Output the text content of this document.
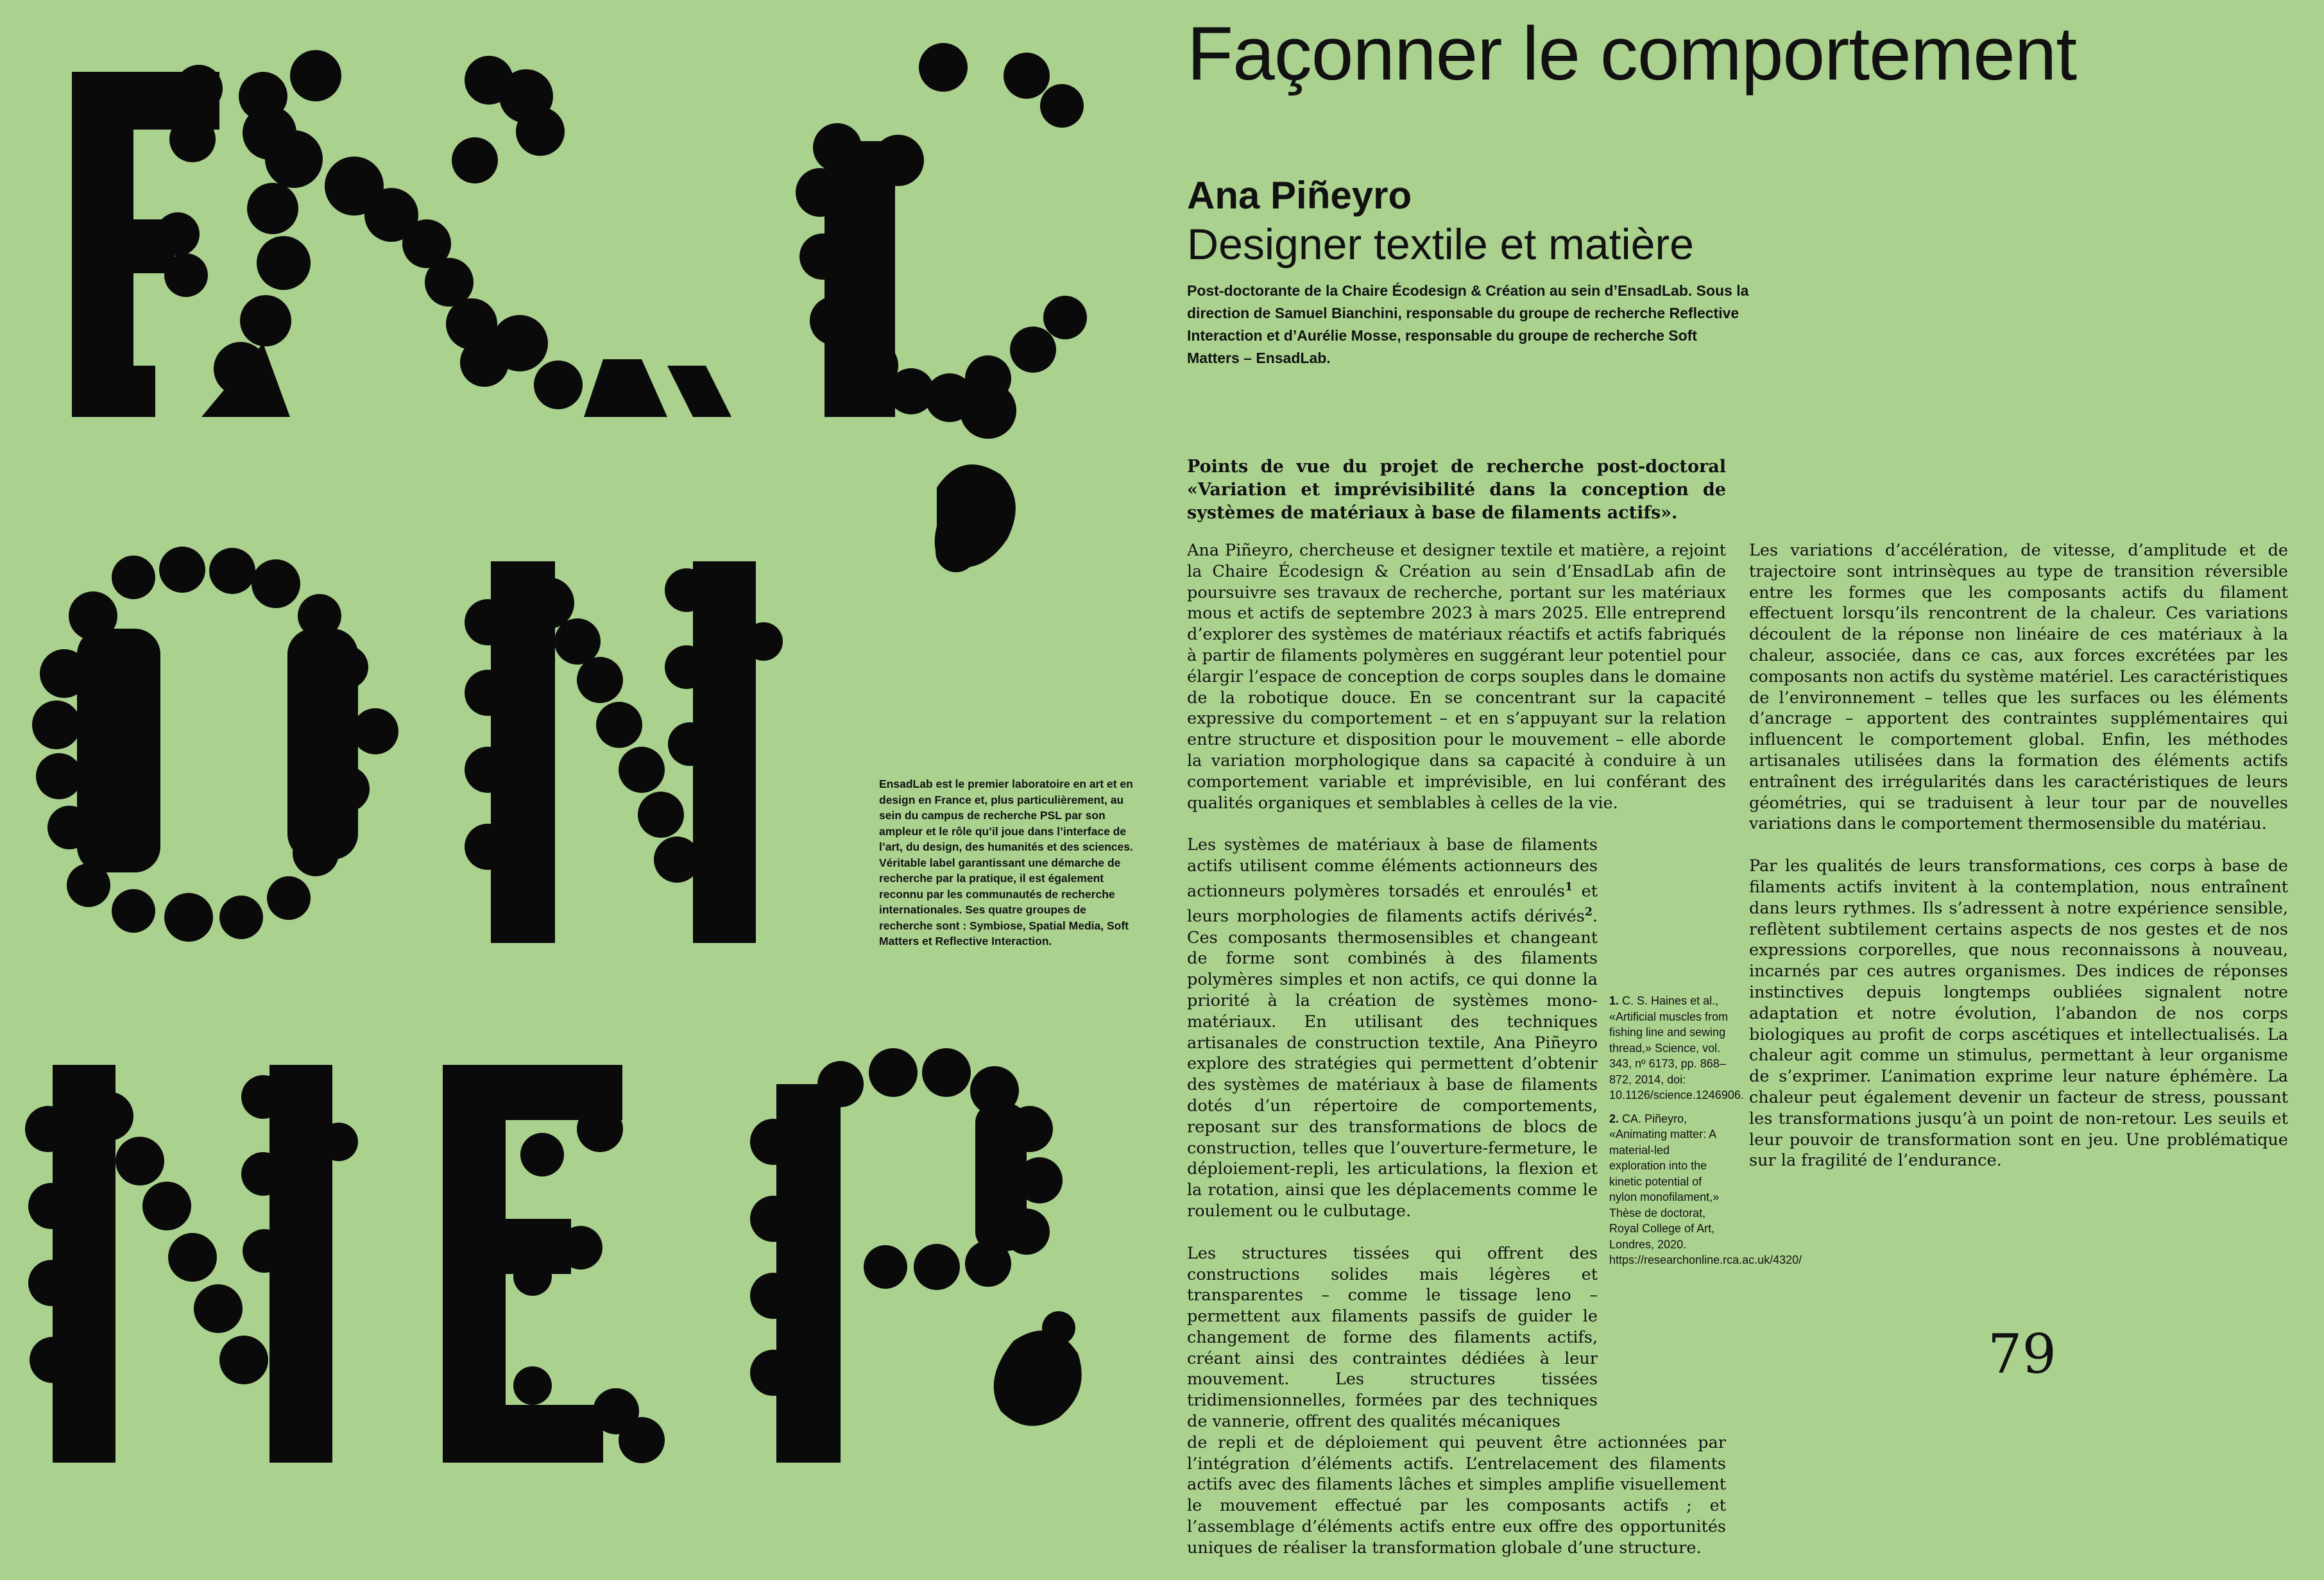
Façonner le comportement
Ana Piñeyro
Designer textile et matière

Post-doctorante de la Chaire Écodesign & Création au sein d’EnsadLab. Sous la direction de Samuel Bianchini, responsable du groupe de recherche Reflective Interaction et d’Aurélie Mosse, responsable du groupe de recherche Soft Matters – EnsadLab.

Points de vue du projet de recherche post-doctoral «Variation et imprévisibilité dans la conception de systèmes de matériaux à base de filaments actifs».

EnsadLab est le premier laboratoire en art et en design en France et, plus particulièrement, au sein du campus de recherche PSL par son ampleur et le rôle qu’il joue dans l’interface de l’art, du design, des humanités et des sciences. Véritable label garantissant une démarche de recherche par la pratique, il est également reconnu par les communautés de recherche internationales. Ses quatre groupes de recherche sont : Symbiose, Spatial Media, Soft Matters et Reflective Interaction.

Ana Piñeyro, chercheuse et designer textile et matière, a rejoint la Chaire Écodesign & Création au sein d’EnsadLab afin de poursuivre ses travaux de recherche, portant sur les matériaux mous et actifs de septembre 2023 à mars 2025. Elle entreprend d’explorer des systèmes de matériaux réactifs et actifs fabriqués à partir de filaments polymères en suggérant leur potentiel pour élargir l’espace de conception de corps souples dans le domaine de la robotique douce. En se concentrant sur la capacité expressive du comportement – et en s’appuyant sur la relation entre structure et disposition pour le mouvement – elle aborde la variation morphologique dans sa capacité à conduire à un comportement variable et imprévisible, en lui conférant des qualités organiques et semblables à celles de la vie.

Les systèmes de matériaux à base de filaments actifs utilisent comme éléments actionneurs des actionneurs polymères torsadés et enroulés$^1$ et leurs morphologies de filaments actifs dérivés$^2$. Ces composants thermosensibles et changeant de forme sont combinés à des filaments polymères simples et non actifs, ce qui donne la priorité à la création de systèmes mono-matériaux. En utilisant des techniques artisanales de construction textile, Ana Piñeyro explore des stratégies qui permettent d’obtenir des systèmes de matériaux à base de filaments dotés d’un répertoire de comportements, reposant sur des transformations de blocs de construction, telles que l’ouverture-fermeture, le déploiement-repli, les articulations, la flexion et la rotation, ainsi que les déplacements comme le roulement ou le culbutage.

Les structures tissées qui offrent des constructions solides mais légères et transparentes – comme le tissage leno – permettent aux filaments passifs de guider le changement de forme des filaments actifs, créant ainsi des contraintes dédiées à leur mouvement. Les structures tissées tridimensionnelles, formées par des techniques de vannerie, offrent des qualités mécaniques

de repli et de déploiement qui peuvent être actionnées par l’intégration d’éléments actifs. L’entrelacement des filaments actifs avec des filaments lâches et simples amplifie visuellement le mouvement effectué par les composants actifs ; et l’assemblage d’éléments actifs entre eux offre des opportunités uniques de réaliser la transformation globale d’une structure.

Les variations d’accélération, de vitesse, d’amplitude et de trajectoire sont intrinsèques au type de transition réversible entre les formes que les composants actifs du filament effectuent lorsqu’ils rencontrent de la chaleur. Ces variations découlent de la réponse non linéaire de ces matériaux à la chaleur, associée, dans ce cas, aux forces excrétées par les composants non actifs du système matériel. Les caractéristiques de l’environnement – telles que les surfaces ou les éléments d’ancrage – apportent des contraintes supplémentaires qui influencent le comportement global. Enfin, les méthodes artisanales utilisées dans la formation des éléments actifs entraînent des irrégularités dans les caractéristiques de leurs géométries, qui se traduisent à leur tour par de nouvelles variations dans le comportement thermosensible du matériau.

Par les qualités de leurs transformations, ces corps à base de filaments actifs invitent à la contemplation, nous entraînent dans leurs rythmes. Ils s’adressent à notre expérience sensible, reflètent subtilement certains aspects de nos gestes et de nos expressions corporelles, que nous reconnaissons à nouveau, incarnés par ces autres organismes. Des indices de réponses instinctives depuis longtemps oubliées signalent notre adaptation et notre évolution, l’abandon de nos corps biologiques au profit de corps ascétiques et intellectualisés. La chaleur agit comme un stimulus, permettant à leur organisme de s’exprimer. L’animation exprime leur nature éphémère. La chaleur peut également devenir un facteur de stress, poussant les transformations jusqu’à un point de non-retour. Les seuils et leur pouvoir de transformation sont en jeu. Une problématique sur la fragilité de l’endurance.

1. C. S. Haines et al., «Artificial muscles from fishing line and sewing thread,» Science, vol. 343, nº 6173, pp. 868–872, 2014, doi: 10.1126/science.1246906.

2. CA. Piñeyro, «Animating matter: A material-led exploration into the kinetic potential of nylon monofilament,» Thèse de doctorat, Royal College of Art, Londres, 2020. https://researchonline.rca.ac.uk/4320/

79
